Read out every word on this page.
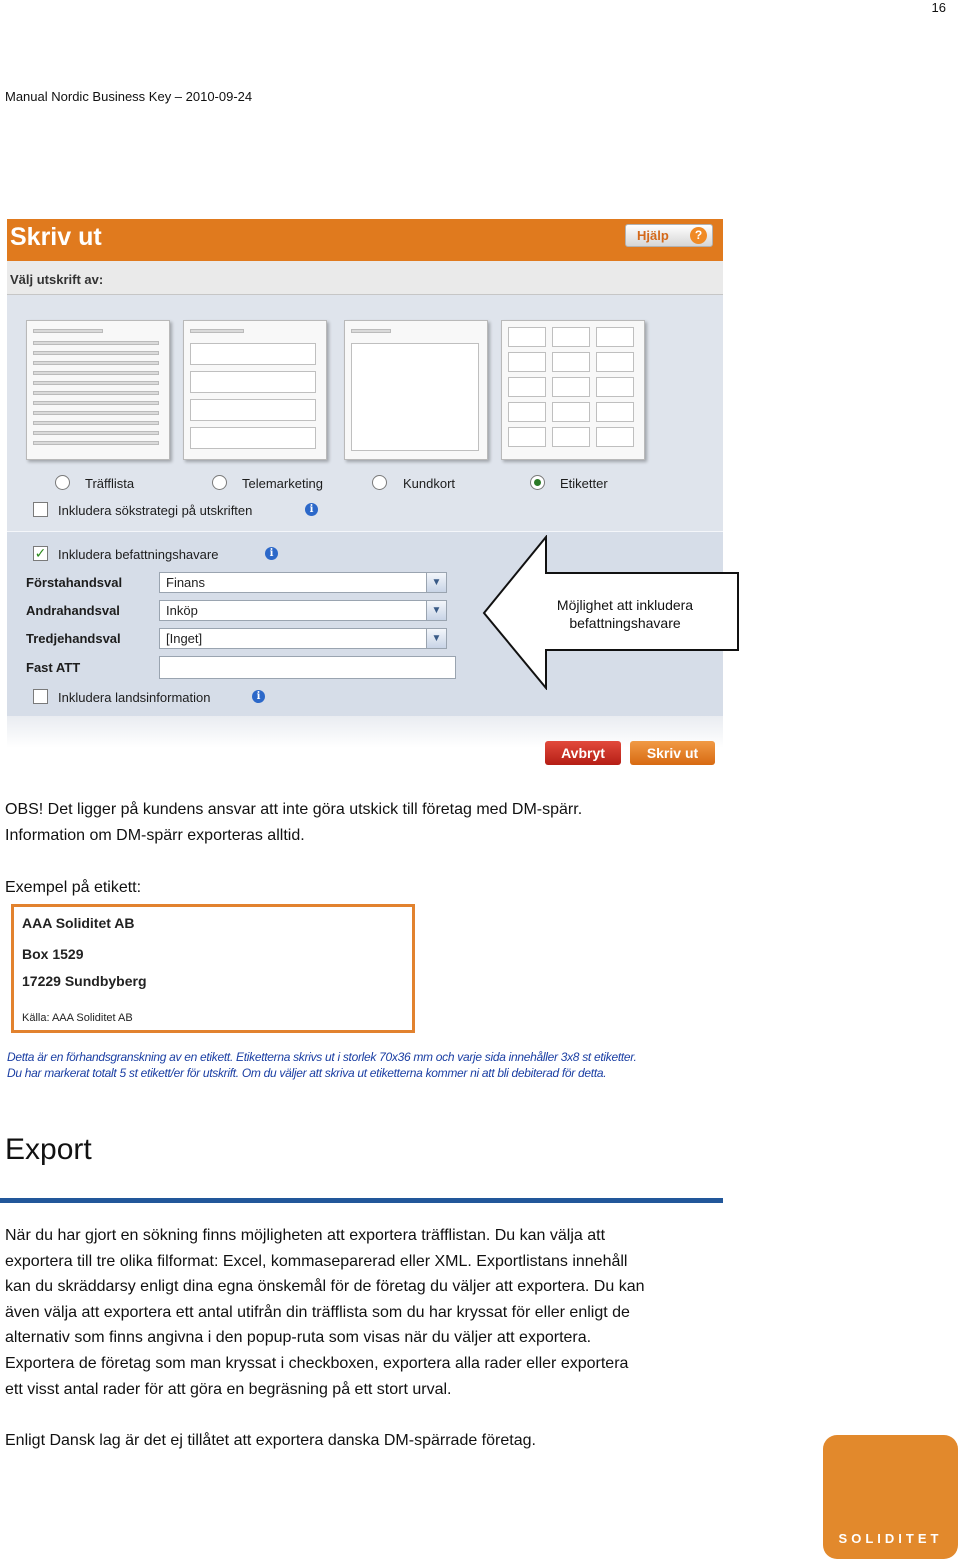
16
Manual Nordic Business Key – 2010-09-24
Skriv ut	Hjälp	?
Välj utskrift av:
Träfflista	Telemarketing	Kundkort	Etiketter
Inkludera sökstrategi på utskriften	i
✓ Inkludera befattningshavare	i
Förstahandsval	Finans	▼
Andrahandsval	Inköp	▼
Tredjehandsval	[Inget]	▼
Fast ATT
Inkludera landsinformation	i
Avbryt	Skriv ut
Möjlighet att inkludera
befattningshavare
OBS! Det ligger på kundens ansvar att inte göra utskick till företag med DM-spärr.
Information om DM-spärr exporteras alltid.
Exempel på etikett:
AAA Soliditet AB
Box 1529
17229 Sundbyberg
Källa: AAA Soliditet AB
Detta är en förhandsgranskning av en etikett. Etiketterna skrivs ut i storlek 70x36 mm och varje sida innehåller 3x8 st etiketter.
Du har markerat totalt 5 st etikett/er för utskrift. Om du väljer att skriva ut etiketterna kommer ni att bli debiterad för detta.
Export
När du har gjort en sökning finns möjligheten att exportera träfflistan. Du kan välja att
exportera till tre olika filformat: Excel, kommaseparerad eller XML. Exportlistans innehåll
kan du skräddarsy enligt dina egna önskemål för de företag du väljer att exportera. Du kan
även välja att exportera ett antal utifrån din träfflista som du har kryssat för eller enligt de
alternativ som finns angivna i den popup-ruta som visas när du väljer att exportera.
Exportera de företag som man kryssat i checkboxen, exportera alla rader eller exportera
ett visst antal rader för att göra en begräsning på ett stort urval.
Enligt Dansk lag är det ej tillåtet att exportera danska DM-spärrade företag.
SOLIDITET
